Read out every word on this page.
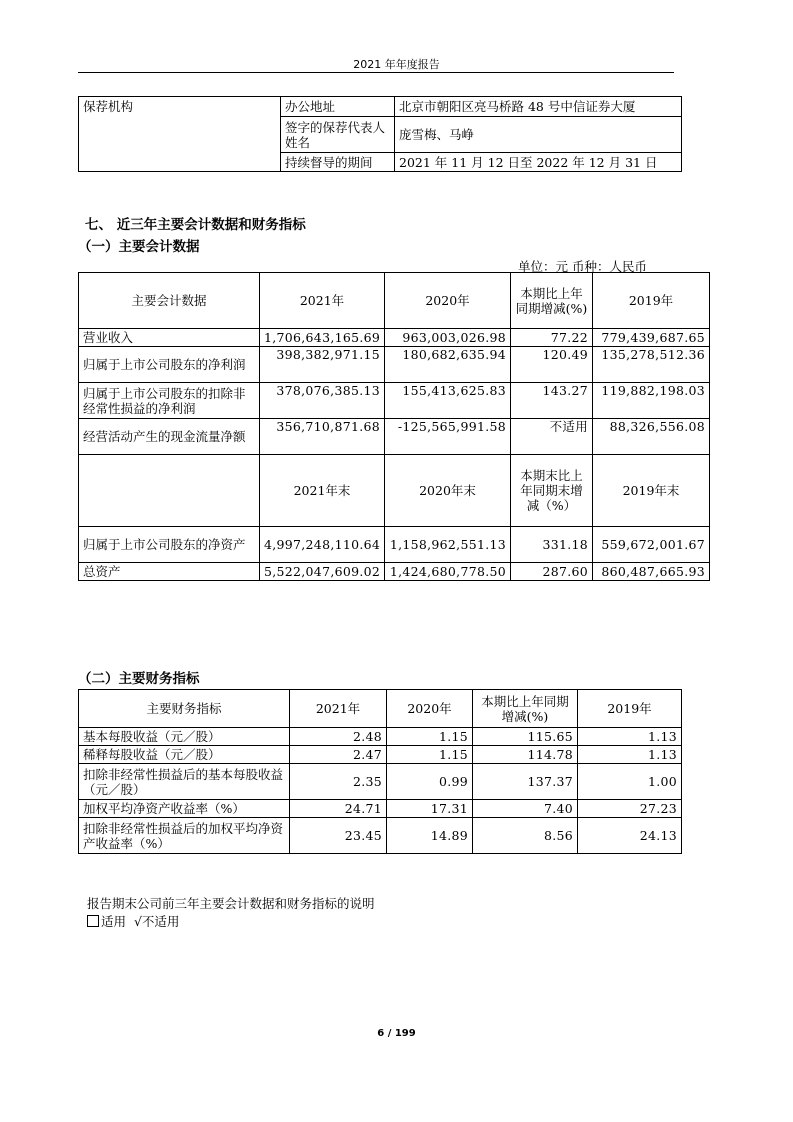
2021 年年度报告
保荐机构	办公地址	北京市朝阳区亮马桥路 48 号中信证券大厦
	签字的保荐代表人姓名	庞雪梅、马峥
	持续督导的期间	2021 年 11 月 12 日至 2022 年 12 月 31 日
七、 近三年主要会计数据和财务指标
（一）主要会计数据
单位：元 币种：人民币
主要会计数据	2021年	2020年	本期比上年同期增减(%)	2019年
营业收入	1,706,643,165.69	963,003,026.98	77.22	779,439,687.65
归属于上市公司股东的净利润	398,382,971.15	180,682,635.94	120.49	135,278,512.36
归属于上市公司股东的扣除非经常性损益的净利润	378,076,385.13	155,413,625.83	143.27	119,882,198.03
经营活动产生的现金流量净额	356,710,871.68	-125,565,991.58	不适用	88,326,556.08
	2021年末	2020年末	本期末比上年同期末增减（%）	2019年末
归属于上市公司股东的净资产	4,997,248,110.64	1,158,962,551.13	331.18	559,672,001.67
总资产	5,522,047,609.02	1,424,680,778.50	287.60	860,487,665.93
（二）主要财务指标
主要财务指标	2021年	2020年	本期比上年同期增减(%)	2019年
基本每股收益（元／股）	2.48	1.15	115.65	1.13
稀释每股收益（元／股）	2.47	1.15	114.78	1.13
扣除非经常性损益后的基本每股收益（元／股）	2.35	0.99	137.37	1.00
加权平均净资产收益率（%）	24.71	17.31	7.40	27.23
扣除非经常性损益后的加权平均净资产收益率（%）	23.45	14.89	8.56	24.13
报告期末公司前三年主要会计数据和财务指标的说明
适用 √不适用
6 / 199
